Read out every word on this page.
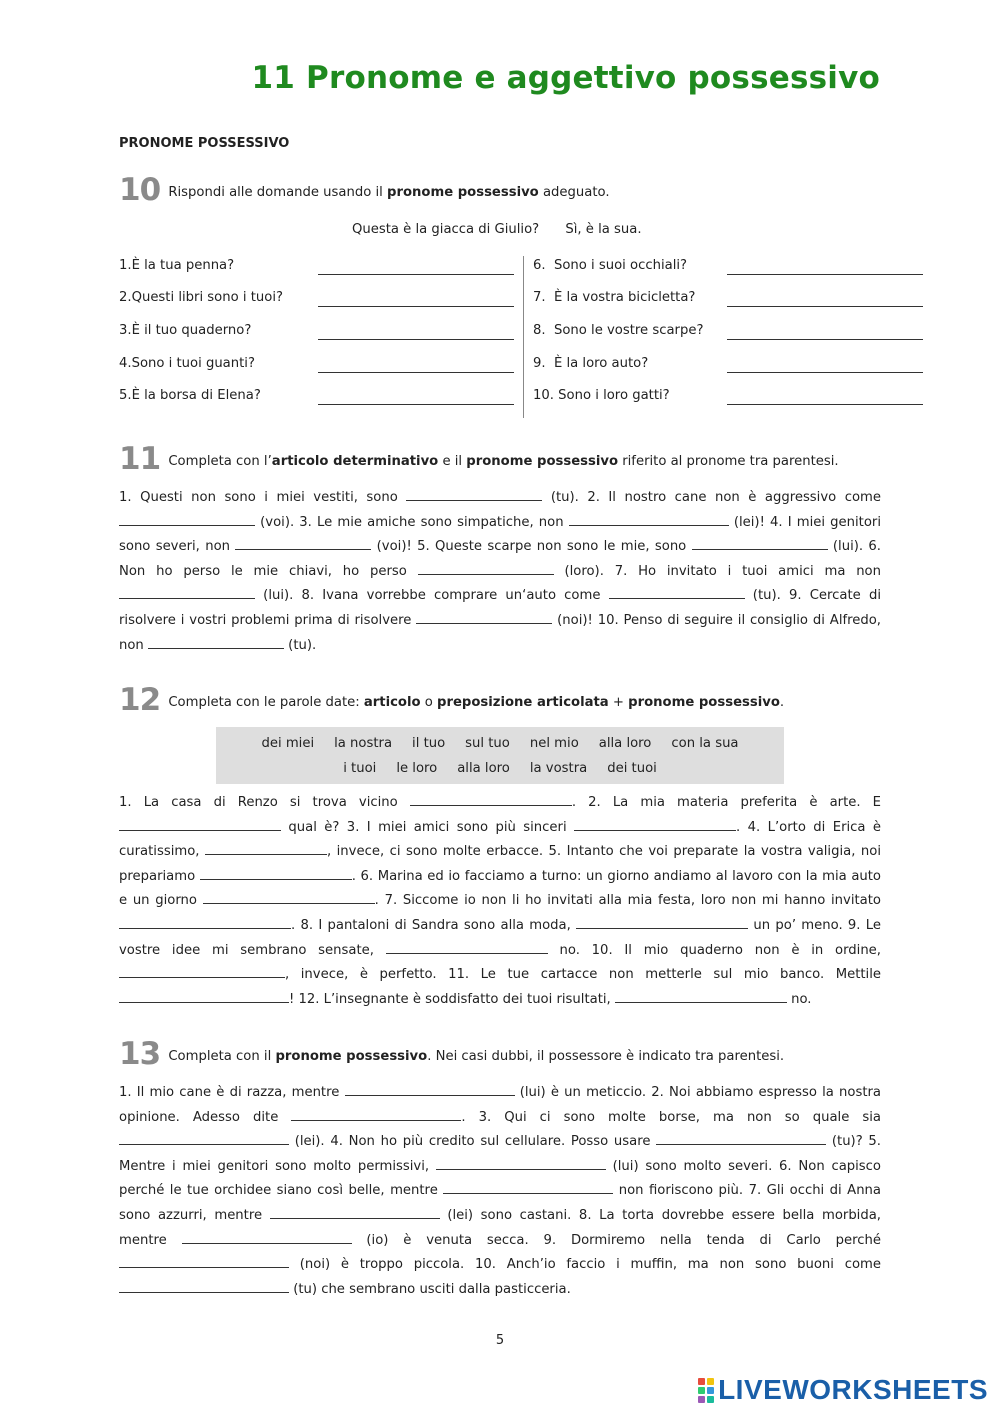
11 Pronome e aggettivo possessivo
PRONOME POSSESSIVO
10 Rispondi alle domande usando il pronome possessivo adeguato.
Questa è la giacca di Giulio? Sì, è la sua.
1.È la tua penna?
2.Questi libri sono i tuoi?
3.È il tuo quaderno?
4.Sono i tuoi guanti?
5.È la borsa di Elena?
6.  Sono i suoi occhiali?
7.  È la vostra bicicletta?
8.  Sono le vostre scarpe?
9.  È la loro auto?
10. Sono i loro gatti?
11 Completa con l’articolo determinativo e il pronome possessivo riferito al pronome tra parentesi.
1. Questi non sono i miei vestiti, sono	(tu). 2. Il nostro cane non è aggressivo come  (voi). 3. Le mie amiche sono simpatiche, non	(lei)! 4. I miei genitori sono severi, non	(voi)! 5. Queste scarpe non sono le mie, sono	(lui). 6. Non ho perso le mie chiavi, ho perso	(loro). 7. Ho invitato i tuoi amici ma non  (lui). 8. Ivana vorrebbe comprare un‘auto come	(tu). 9. Cercate di risolvere i vostri problemi prima di risolvere	(noi)! 10. Penso di seguire il consiglio di Alfredo, non	(tu).
12 Completa con le parole date: articolo o preposizione articolata + pronome possessivo.
dei miei la nostra il tuo sul tuo nel mio alla loro con la sua
i tuoi le loro alla loro la vostra dei tuoi
1. La casa di Renzo si trova vicino	. 2. La mia materia preferita è arte. E  qual è? 3. I miei amici sono più sinceri	. 4. L’orto di Erica è curatissimo,	, invece, ci sono molte erbacce. 5. Intanto che voi preparate la vostra valigia, noi prepariamo	. 6. Marina ed io facciamo a turno: un giorno andiamo al lavoro con la mia auto e un giorno	. 7. Siccome io non li ho invitati alla mia festa, loro non mi hanno invitato . 8. I pantaloni di Sandra sono alla moda,	un po’ meno. 9. Le vostre idee mi sembrano sensate,	no. 10. Il mio quaderno non è in ordine, , invece, è perfetto. 11. Le tue cartacce non metterle sul mio banco. Mettile ! 12. L’insegnante è soddisfatto dei tuoi risultati,	no.
13 Completa con il pronome possessivo. Nei casi dubbi, il possessore è indicato tra parentesi.
1. Il mio cane è di razza, mentre	(lui) è un meticcio. 2. Noi abbiamo espresso la nostra opinione. Adesso dite	. 3. Qui ci sono molte borse, ma non so quale sia  (lei). 4. Non ho più credito sul cellulare. Posso usare	(tu)? 5. Mentre i miei genitori sono molto permissivi,	(lui) sono molto severi. 6. Non capisco perché le tue orchidee siano così belle, mentre	non fioriscono più. 7. Gli occhi di Anna sono azzurri, mentre	(lei) sono castani. 8. La torta dovrebbe essere bella morbida, mentre	(io) è venuta secca. 9. Dormiremo nella tenda di Carlo perché  (noi) è troppo piccola. 10. Anch’io faccio i muffin, ma non sono buoni come  (tu) che sembrano usciti dalla pasticceria.
5
LIVEWORKSHEETS
